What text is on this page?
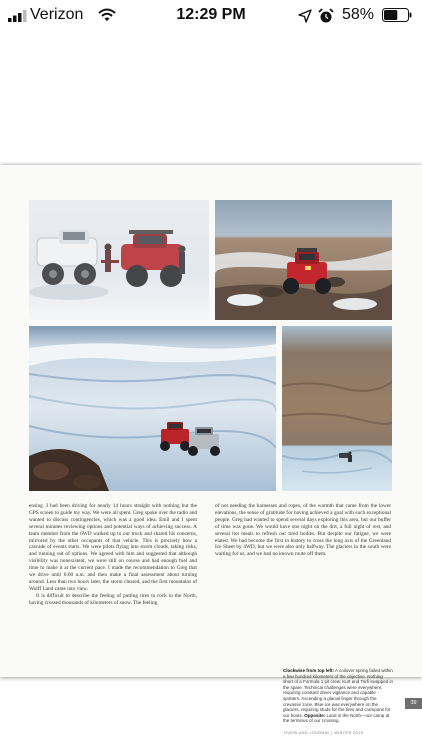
Verizon	12:29 PM	58%

ensing. I had been driving for nearly 14 hours straight with nothing but the GPS screen to guide my way. We were all spent. Greg spoke over the radio and wanted to discuss contingencies, which was a good idea. Emil and I spent several minutes reviewing options and potential ways of achieving success. A team member from the 6WD walked up to our truck and shared his concerns, mirrored by the other occupants of that vehicle. This is precisely how a cascade of events starts. We were pilots flying into storm clouds, taking risks, and running out of options. We agreed with him and suggested that although visibility was nonexistent, we were still on course and had enough fuel and time to make it at the current pace. I made the recommendation to Greg that we drive until 6:00 a.m. and then make a final assessment about turning around. Less than two hours later, the storm cleared, and the first mountains of Wolff Land came into view.

It is difficult to describe the feeling of putting tires to rock in the North, having crossed thousands of kilometers of snow. The feeling

of not needing the harnesses and ropes, of the warmth that came from the lower elevations, the sense of gratitude for having achieved a goal with such exceptional people. Greg had wanted to spend several days exploring this area, but our buffer of time was gone. We would have one night on the dirt, a full night of rest, and several hot meals to refresh our tired bodies. But despite our fatigue, we were elated. We had become the first in history to cross the long axis of the Greenland Ice Sheet by 4WD, but we were also only halfway. The glaciers in the south were waiting for us, and we had no known route off them.

Clockwise from top left: A coilover spring failed within a few hundred kilometers of the objective. Nothing short of a Formula 1 pit crew, Kurt and Torfi swapped in the spare. Technical challenges were everywhere, requiring constant driver vigilance and capable spotters. Ascending a glacial finger through the crevasse zone. Blue ice was everywhere on the glaciers, requiring studs for the tires and crampons for our boots. Opposite: Land in the North—our camp at the terminus of our crossing.
39
OVERLAND JOURNAL | WINTER 2019
